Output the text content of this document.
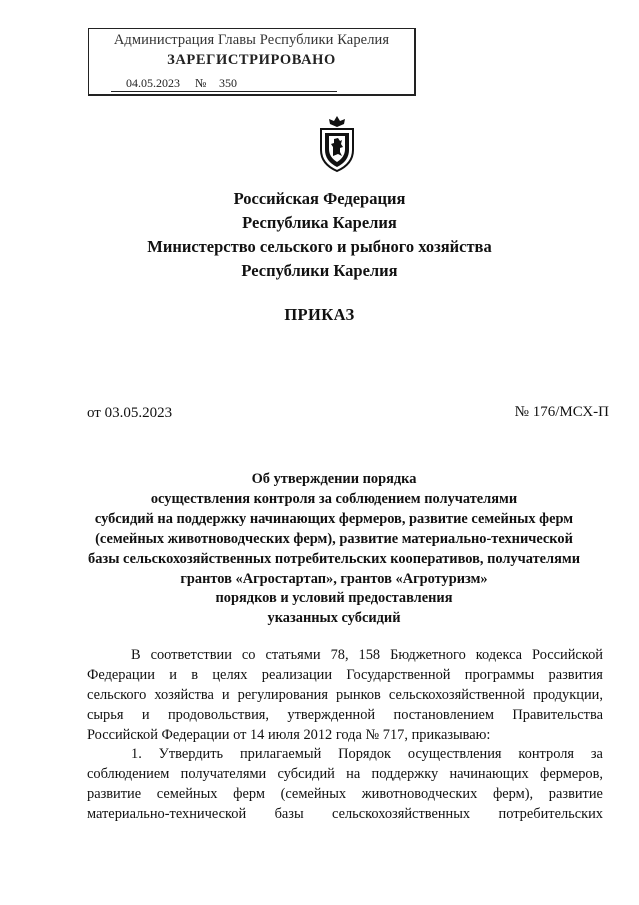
Администрация Главы Республики Карелия
ЗАРЕГИСТРИРОВАНО
04.05.2023 № 350
Российская Федерация
Республика Карелия
Министерство сельского и рыбного хозяйства
Республики Карелия
ПРИКАЗ
от 03.05.2023	№ 176/МСХ-П
Об утверждении порядка
осуществления контроля за соблюдением получателями
субсидий на поддержку начинающих фермеров, развитие семейных ферм
(семейных животноводческих ферм), развитие материально-технической
базы сельскохозяйственных потребительских кооперативов, получателями
грантов «Агростартап», грантов «Агротуризм»
порядков и условий предоставления
указанных субсидий
В соответствии со статьями 78, 158 Бюджетного кодекса Российской
Федерации и в целях реализации Государственной программы развития
сельского хозяйства и регулирования рынков сельскохозяйственной продукции,
сырья и продовольствия, утвержденной постановлением Правительства
Российской Федерации от 14 июля 2012 года № 717, приказываю:
1. Утвердить прилагаемый Порядок осуществления контроля за
соблюдением получателями субсидий на поддержку начинающих фермеров,
развитие семейных ферм (семейных животноводческих ферм), развитие
материально-технической базы сельскохозяйственных потребительских
